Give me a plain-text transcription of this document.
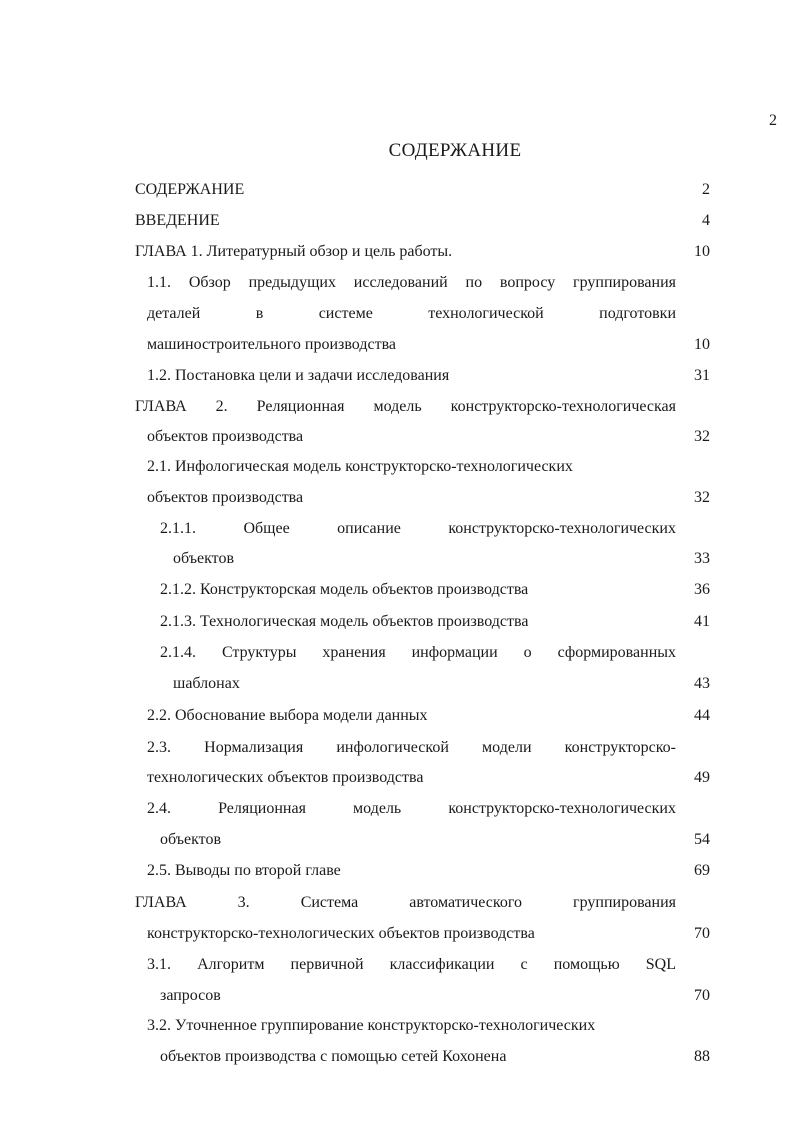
2
СОДЕРЖАНИЕ
СОДЕРЖАНИЕ	2
ВВЕДЕНИЕ	4
ГЛАВА 1. Литературный обзор и цель работы.	10
1.1. Обзор предыдущих исследований по вопросу группирования
деталей в системе технологической подготовки
машиностроительного производства	10
1.2. Постановка цели и задачи исследования	31
ГЛАВА 2. Реляционная модель конструкторско-технологическая
объектов производства	32
2.1. Инфологическая модель конструкторско-технологических
объектов производства	32
2.1.1. Общее описание конструкторско-технологических
объектов	33
2.1.2. Конструкторская модель объектов производства	36
2.1.3. Технологическая модель объектов производства	41
2.1.4. Структуры хранения информации о сформированных
шаблонах	43
2.2. Обоснование выбора модели данных	44
2.3. Нормализация инфологической модели конструкторско-
технологических объектов производства	49
2.4. Реляционная модель конструкторско-технологических
объектов	54
2.5. Выводы по второй главе	69
ГЛАВА 3. Система автоматического группирования
конструкторско-технологических объектов производства	70
3.1. Алгоритм первичной классификации с помощью SQL
запросов	70
3.2. Уточненное группирование конструкторско-технологических
объектов производства с помощью сетей Кохонена	88
